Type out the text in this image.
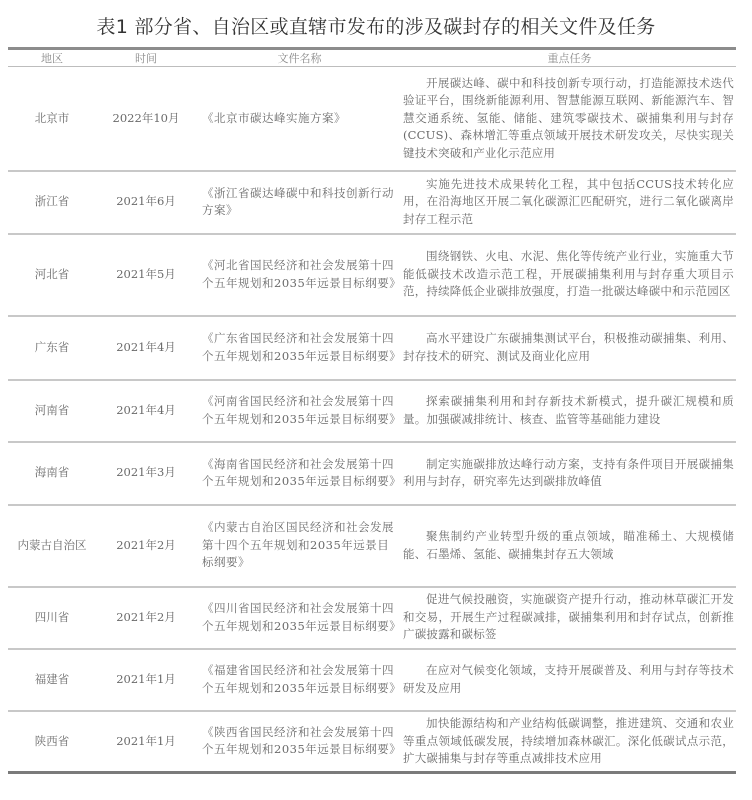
表1 部分省、自治区或直辖市发布的涉及碳封存的相关文件及任务
地区	时间	文件名称	重点任务
北京市	2022年10月	《北京市碳达峰实施方案》	开展碳达峰、碳中和科技创新专项行动，打造能源技术迭代验证平台，围绕新能源利用、智慧能源互联网、新能源汽车、智慧交通系统、氢能、储能、建筑零碳技术、碳捕集利用与封存(CCUS)、森林增汇等重点领域开展技术研发攻关，尽快实现关键技术突破和产业化示范应用
浙江省	2021年6月	《浙江省碳达峰碳中和科技创新行动方案》	实施先进技术成果转化工程，其中包括CCUS技术转化应用，在沿海地区开展二氧化碳源汇匹配研究，进行二氧化碳离岸封存工程示范
河北省	2021年5月	《河北省国民经济和社会发展第十四个五年规划和2035年远景目标纲要》	围绕钢铁、火电、水泥、焦化等传统产业行业，实施重大节能低碳技术改造示范工程，开展碳捕集利用与封存重大项目示范，持续降低企业碳排放强度，打造一批碳达峰碳中和示范园区
广东省	2021年4月	《广东省国民经济和社会发展第十四个五年规划和2035年远景目标纲要》	高水平建设广东碳捕集测试平台，积极推动碳捕集、利用、封存技术的研究、测试及商业化应用
河南省	2021年4月	《河南省国民经济和社会发展第十四个五年规划和2035年远景目标纲要》	探索碳捕集利用和封存新技术新模式，提升碳汇规模和质量。加强碳减排统计、核查、监管等基础能力建设
海南省	2021年3月	《海南省国民经济和社会发展第十四个五年规划和2035年远景目标纲要》	制定实施碳排放达峰行动方案，支持有条件项目开展碳捕集利用与封存，研究率先达到碳排放峰值
内蒙古自治区	2021年2月	《内蒙古自治区国民经济和社会发展第十四个五年规划和2035年远景目标纲要》	聚焦制约产业转型升级的重点领域，瞄准稀土、大规模储能、石墨烯、氢能、碳捕集封存五大领域
四川省	2021年2月	《四川省国民经济和社会发展第十四个五年规划和2035年远景目标纲要》	促进气候投融资，实施碳资产提升行动，推动林草碳汇开发和交易，开展生产过程碳减排，碳捕集利用和封存试点，创新推广碳披露和碳标签
福建省	2021年1月	《福建省国民经济和社会发展第十四个五年规划和2035年远景目标纲要》	在应对气候变化领域，支持开展碳普及、利用与封存等技术研发及应用
陕西省	2021年1月	《陕西省国民经济和社会发展第十四个五年规划和2035年远景目标纲要》	加快能源结构和产业结构低碳调整，推进建筑、交通和农业等重点领域低碳发展，持续增加森林碳汇。深化低碳试点示范，扩大碳捕集与封存等重点减排技术应用
